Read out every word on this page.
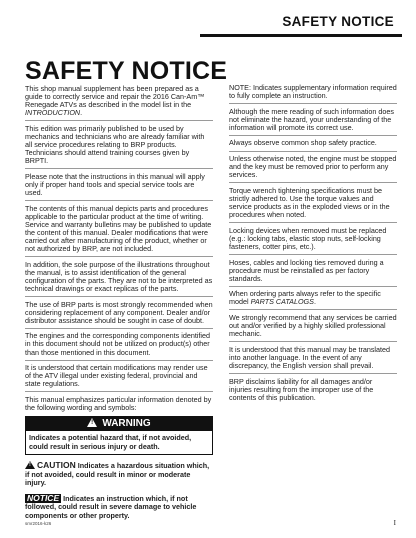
SAFETY NOTICE
SAFETY NOTICE

This shop manual supplement has been prepared as a guide to correctly service and repair the 2016 Can-Am™ Renegade ATVs as described in the model list in the INTRODUCTION.

This edition was primarily published to be used by mechanics and technicians who are already familiar with all service procedures relating to BRP products. Technicians should attend training courses given by BRPTI.

Please note that the instructions in this manual will apply only if proper hand tools and special service tools are used.

The contents of this manual depicts parts and procedures applicable to the particular product at the time of writing. Service and warranty bulletins may be published to update the content of this manual. Dealer modifications that were carried out after manufacturing of the product, whether or not authorized by BRP, are not included.

In addition, the sole purpose of the illustrations throughout the manual, is to assist identification of the general configuration of the parts. They are not to be interpreted as technical drawings or exact replicas of the parts.

The use of BRP parts is most strongly recommended when considering replacement of any component. Dealer and/or distributor assistance should be sought in case of doubt.

The engines and the corresponding components identified in this document should not be utilized on product(s) other than those mentioned in this document.

It is understood that certain modifications may render use of the ATV illegal under existing federal, provincial and state regulations.

This manual emphasizes particular information denoted by the following wording and symbols:

! WARNING
Indicates a potential hazard that, if not avoided, could result in serious injury or death.
! CAUTION Indicates a hazardous situation which, if not avoided, could result in minor or moderate injury.
NOTICE Indicates an instruction which, if not followed, could result in severe damage to vehicle components or other property.

NOTE: Indicates supplementary information required to fully complete an instruction.

Although the mere reading of such information does not eliminate the hazard, your understanding of the information will promote its correct use.

Always observe common shop safety practice.

Unless otherwise noted, the engine must be stopped and the key must be removed prior to perform any services.

Torque wrench tightening specifications must be strictly adhered to. Use the torque values and service products as in the exploded views or in the procedures when noted.

Locking devices when removed must be replaced (e.g.: locking tabs, elastic stop nuts, self-locking fasteners, cotter pins, etc.).

Hoses, cables and locking ties removed during a procedure must be reinstalled as per factory standards.

When ordering parts always refer to the specific model PARTS CATALOGS.

We strongly recommend that any services be carried out and/or verified by a highly skilled professional mechanic.

It is understood that this manual may be translated into another language. In the event of any discrepancy, the English version shall prevail.

BRP disclaims liability for all damages and/or injuries resulting from the improper use of the contents of this publication.

smr2016-k26	I
